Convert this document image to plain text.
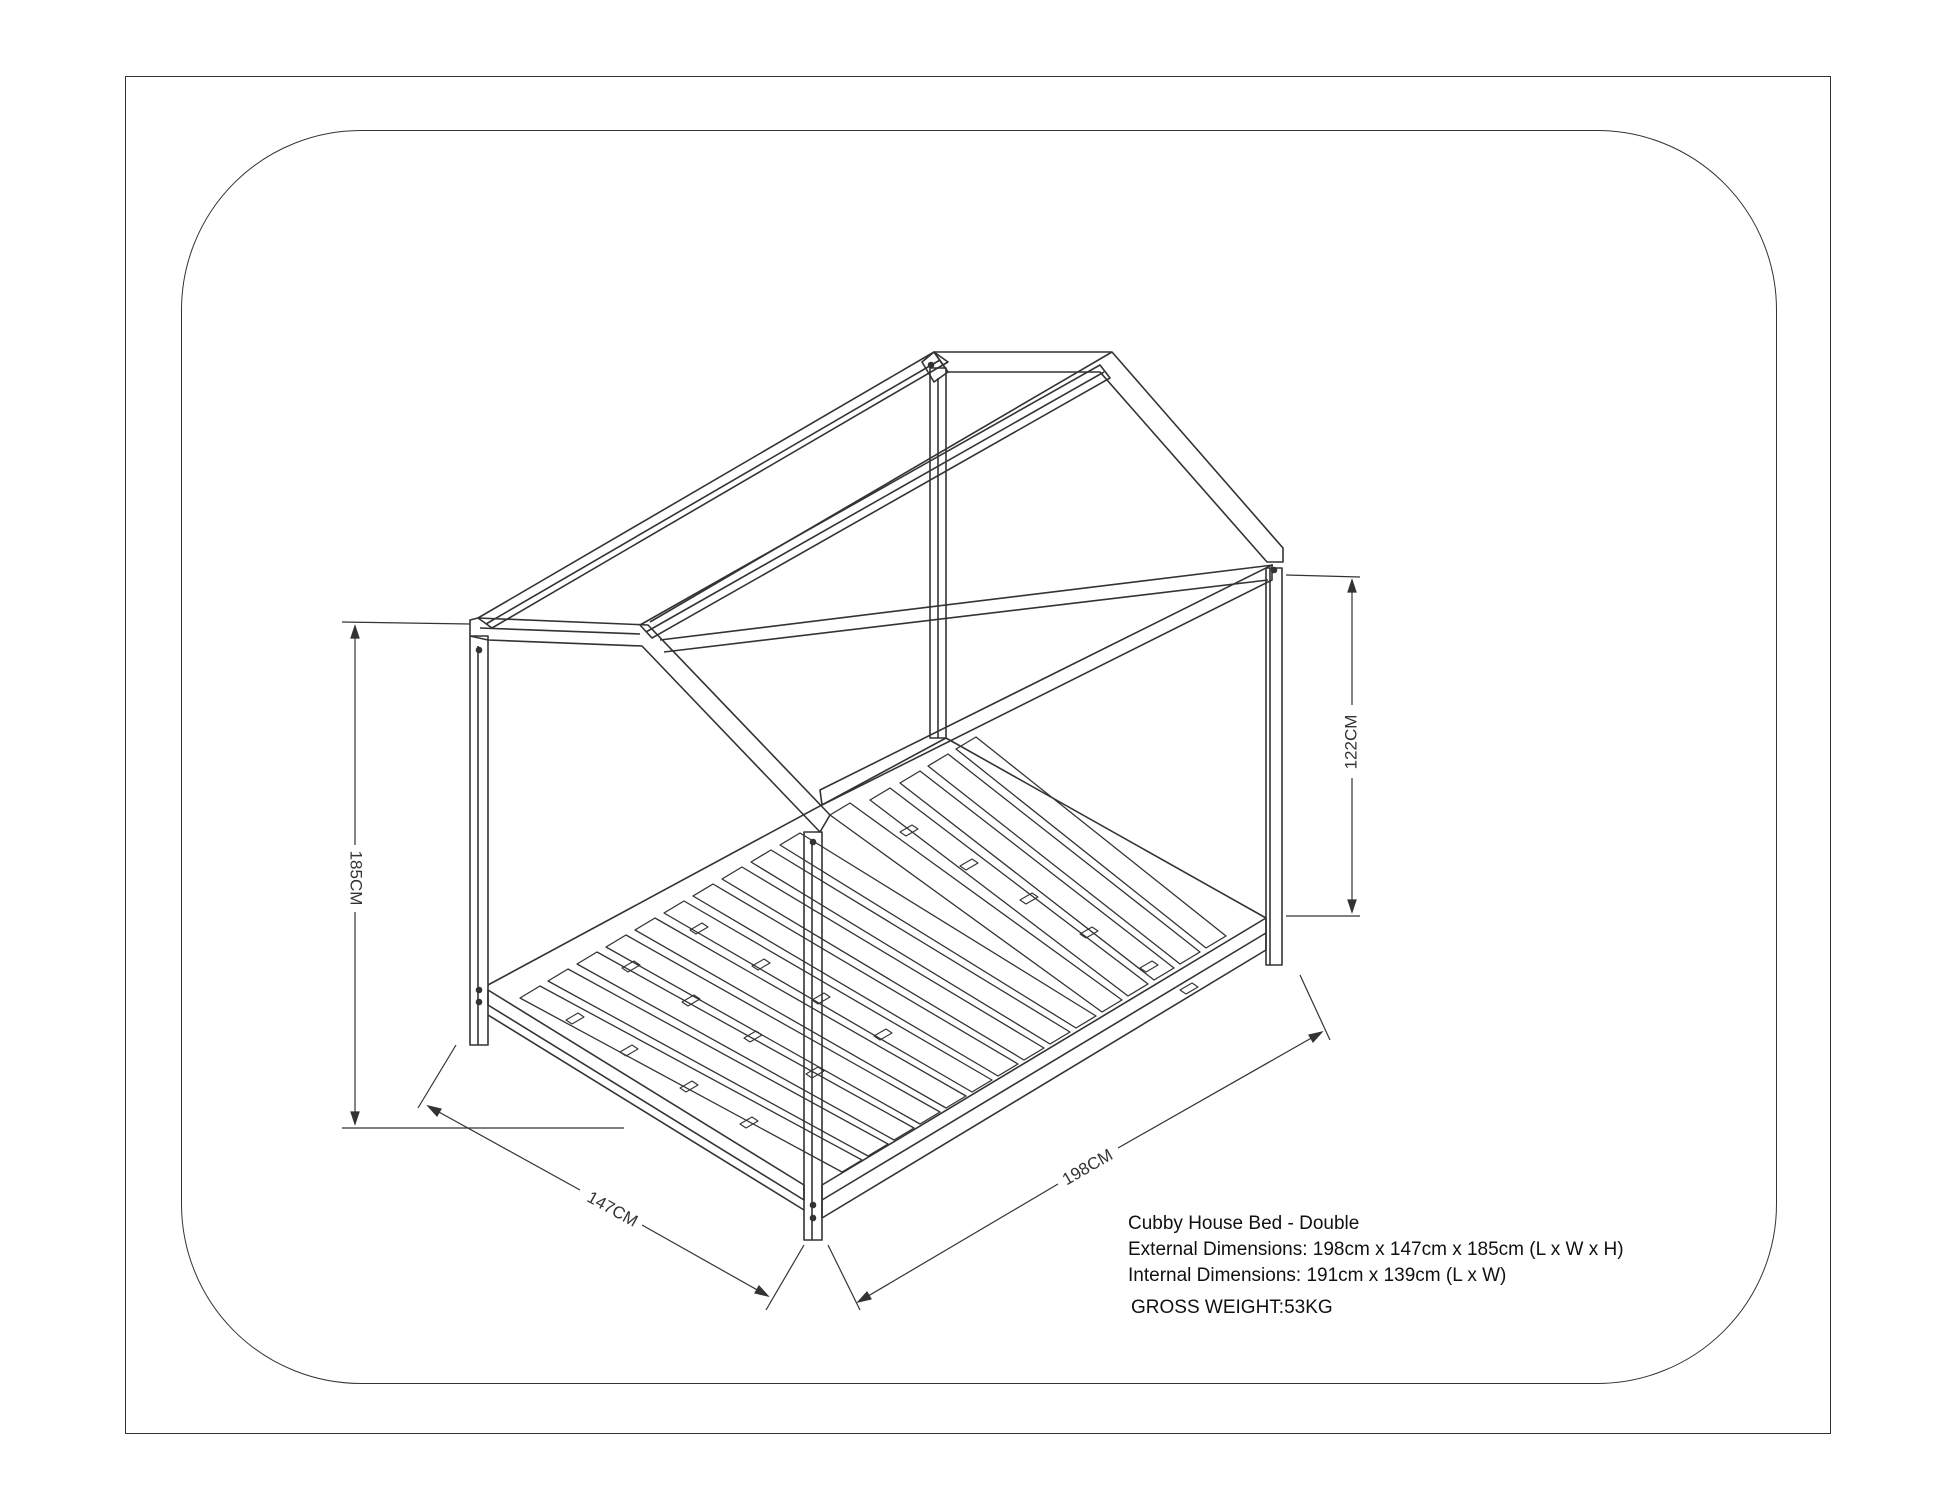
185CM
122CM
147CM
198CM
Cubby House Bed - Double
External Dimensions: 198cm x 147cm x 185cm (L x W x H)
Internal Dimensions: 191cm x 139cm (L x W)
GROSS WEIGHT:53KG
